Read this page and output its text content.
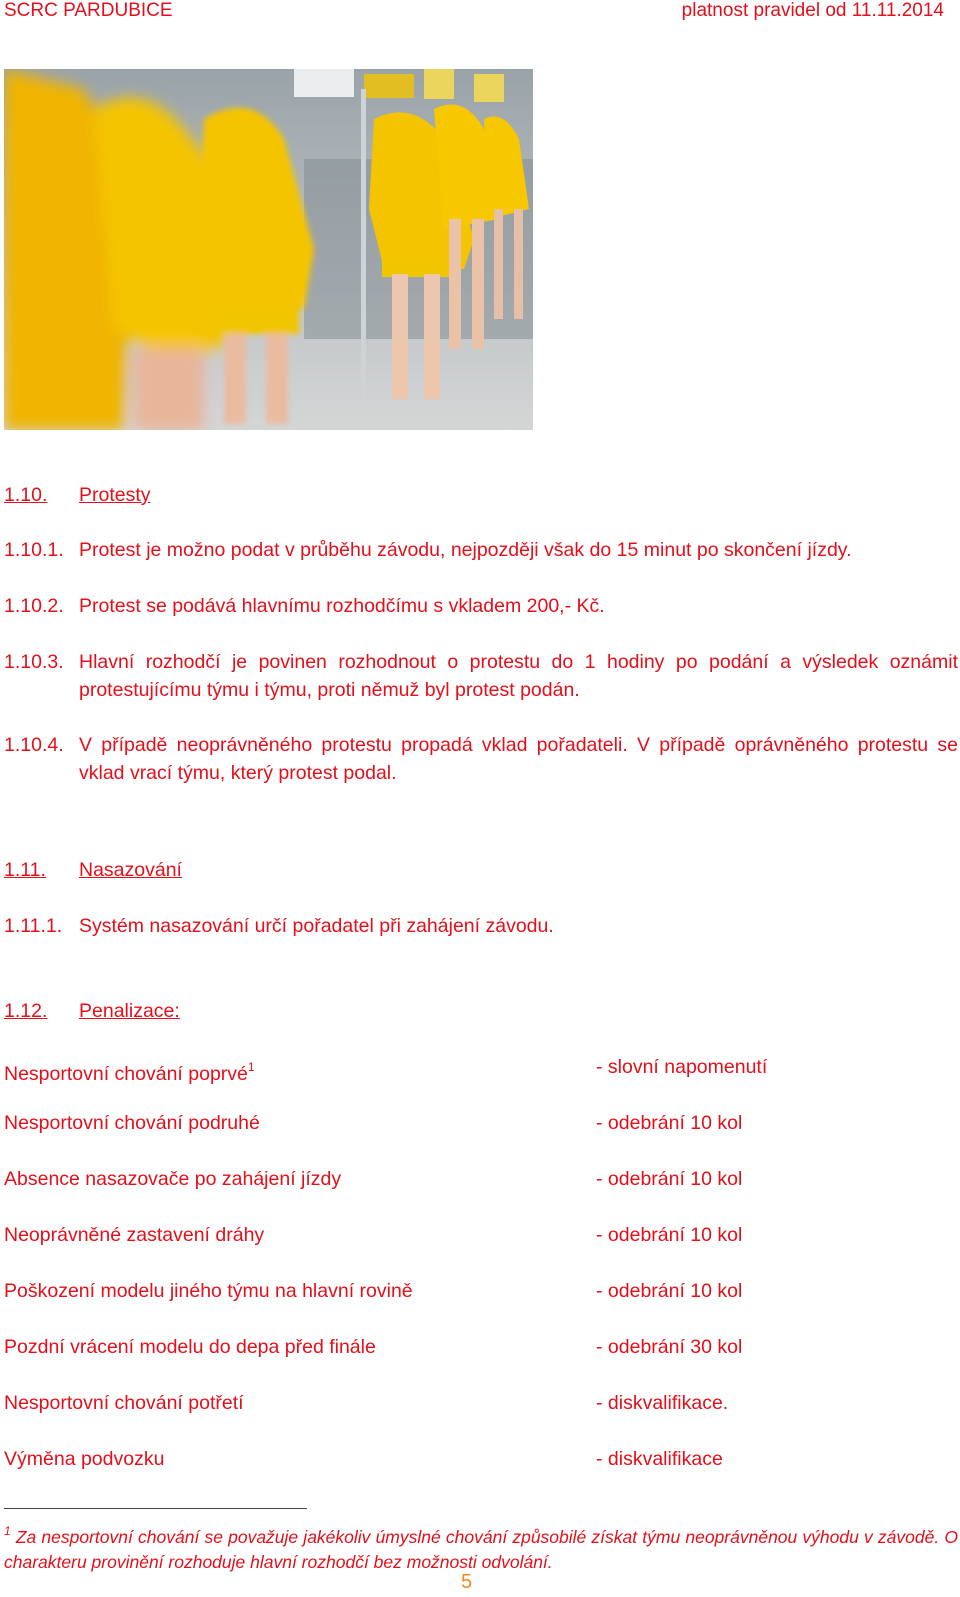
SCRC PARDUBICE	platnost pravidel od 11.11.2014
1.10. Protesty
1.10.1. Protest je možno podat v průběhu závodu, nejpozději však do 15 minut po skončení jízdy.
1.10.2. Protest se podává hlavnímu rozhodčímu s vkladem 200,- Kč.
1.10.3. Hlavní rozhodčí je povinen rozhodnout o protestu do 1 hodiny po podání a výsledek oznámit protestujícímu týmu i týmu, proti němuž byl protest podán.
1.10.4. V případě neoprávněného protestu propadá vklad pořadateli. V případě oprávněného protestu se vklad vrací týmu, který protest podal.
1.11. Nasazování
1.11.1. Systém nasazování určí pořadatel při zahájení závodu.
1.12. Penalizace:
Nesportovní chování poprvé$^1$	- slovní napomenutí
Nesportovní chování podruhé	- odebrání 10 kol
Absence nasazovače po zahájení jízdy	- odebrání 10 kol
Neoprávněné zastavení dráhy	- odebrání 10 kol
Poškození modelu jiného týmu na hlavní rovině	- odebrání 10 kol
Pozdní vrácení modelu do depa před finále	- odebrání 30 kol
Nesportovní chování potřetí	- diskvalifikace.
Výměna podvozku	- diskvalifikace
$^1$ Za nesportovní chování se považuje jakékoliv úmyslné chování způsobilé získat týmu neoprávněnou výhodu v závodě. O charakteru provinění rozhoduje hlavní rozhodčí bez možnosti odvolání.
5
